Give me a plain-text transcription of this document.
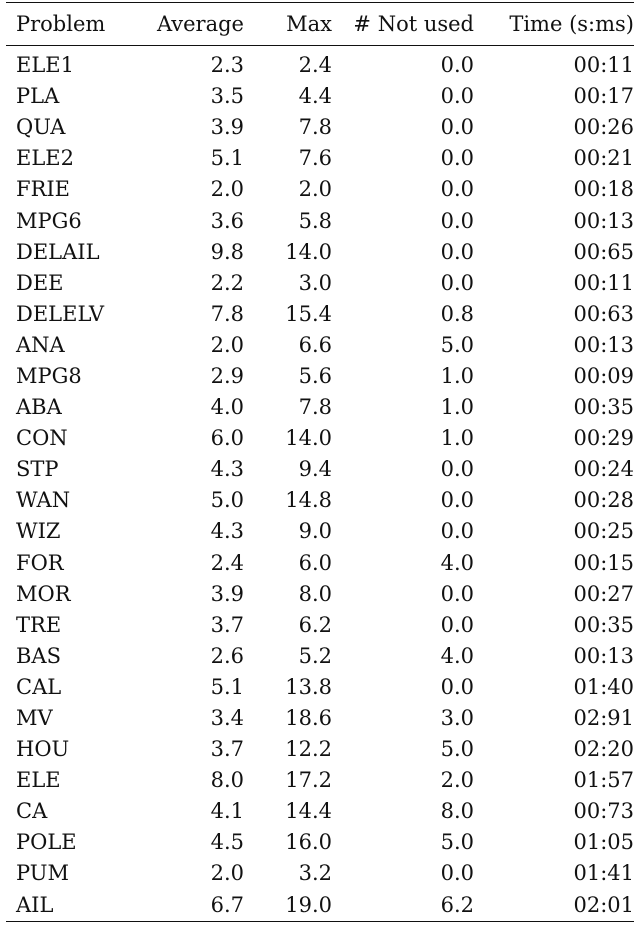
Problem	Average	Max	# Not used	Time (s:ms)
ELE1	2.3	2.4	0.0	00:11
PLA	3.5	4.4	0.0	00:17
QUA	3.9	7.8	0.0	00:26
ELE2	5.1	7.6	0.0	00:21
FRIE	2.0	2.0	0.0	00:18
MPG6	3.6	5.8	0.0	00:13
DELAIL	9.8	14.0	0.0	00:65
DEE	2.2	3.0	0.0	00:11
DELELV	7.8	15.4	0.8	00:63
ANA	2.0	6.6	5.0	00:13
MPG8	2.9	5.6	1.0	00:09
ABA	4.0	7.8	1.0	00:35
CON	6.0	14.0	1.0	00:29
STP	4.3	9.4	0.0	00:24
WAN	5.0	14.8	0.0	00:28
WIZ	4.3	9.0	0.0	00:25
FOR	2.4	6.0	4.0	00:15
MOR	3.9	8.0	0.0	00:27
TRE	3.7	6.2	0.0	00:35
BAS	2.6	5.2	4.0	00:13
CAL	5.1	13.8	0.0	01:40
MV	3.4	18.6	3.0	02:91
HOU	3.7	12.2	5.0	02:20
ELE	8.0	17.2	2.0	01:57
CA	4.1	14.4	8.0	00:73
POLE	4.5	16.0	5.0	01:05
PUM	2.0	3.2	0.0	01:41
AIL	6.7	19.0	6.2	02:01
